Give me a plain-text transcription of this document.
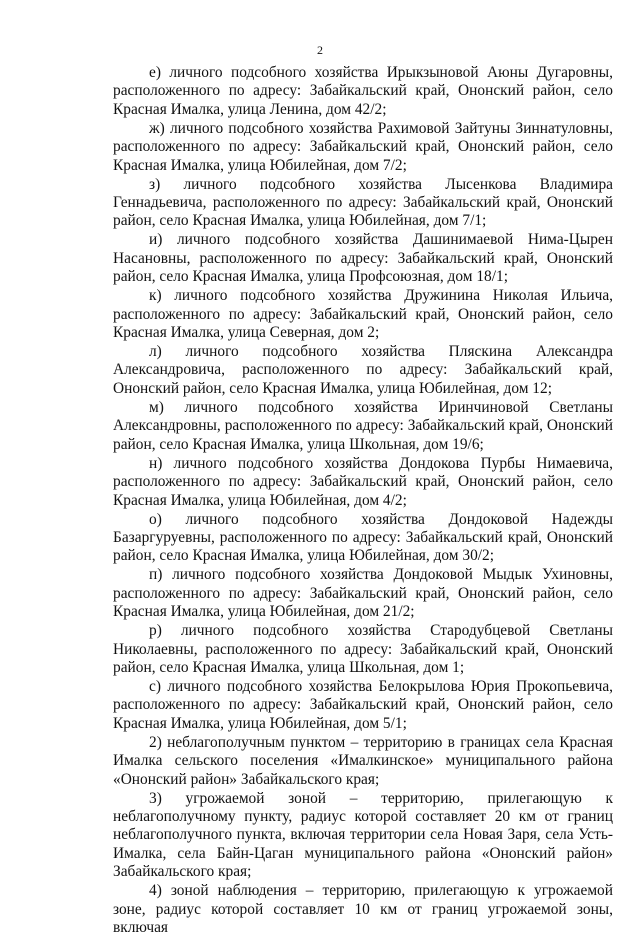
2

е) личного подсобного хозяйства Ирыкзыновой Аюны Дугаровны, расположенного по адресу: Забайкальский край, Ононский район, село Красная Ималка, улица Ленина, дом 42/2;

ж) личного подсобного хозяйства Рахимовой Зайтуны Зиннатуловны, расположенного по адресу: Забайкальский край, Ононский район, село Красная Ималка, улица Юбилейная, дом 7/2;

з) личного подсобного хозяйства Лысенкова Владимира Геннадьевича, расположенного по адресу: Забайкальский край, Ононский район, село Красная Ималка, улица Юбилейная, дом 7/1;

и) личного подсобного хозяйства Дашинимаевой Нима-Цырен Насановны, расположенного по адресу: Забайкальский край, Ононский район, село Красная Ималка, улица Профсоюзная, дом 18/1;

к) личного подсобного хозяйства Дружинина Николая Ильича, расположенного по адресу: Забайкальский край, Ононский район, село Красная Ималка, улица Северная, дом 2;

л) личного подсобного хозяйства Пляскина Александра Александровича, расположенного по адресу: Забайкальский край, Ононский район, село Красная Ималка, улица Юбилейная, дом 12;

м) личного подсобного хозяйства Иринчиновой Светланы Александровны, расположенного по адресу: Забайкальский край, Ононский район, село Красная Ималка, улица Школьная, дом 19/6;

н) личного подсобного хозяйства Дондокова Пурбы Нимаевича, расположенного по адресу: Забайкальский край, Ононский район, село Красная Ималка, улица Юбилейная, дом 4/2;

о) личного подсобного хозяйства Дондоковой Надежды Базаргуруевны, расположенного по адресу: Забайкальский край, Ононский район, село Красная Ималка, улица Юбилейная, дом 30/2;

п) личного подсобного хозяйства Дондоковой Мыдык Ухиновны, расположенного по адресу: Забайкальский край, Ононский район, село Красная Ималка, улица Юбилейная, дом 21/2;

р) личного подсобного хозяйства Стародубцевой Светланы Николаевны, расположенного по адресу: Забайкальский край, Ононский район, село Красная Ималка, улица Школьная, дом 1;

с) личного подсобного хозяйства Белокрылова Юрия Прокопьевича, расположенного по адресу: Забайкальский край, Ононский район, село Красная Ималка, улица Юбилейная, дом 5/1;

2) неблагополучным пунктом – территорию в границах села Красная Ималка сельского поселения «Ималкинское» муниципального района «Ононский район» Забайкальского края;

3) угрожаемой зоной – территорию, прилегающую к неблагополучному пункту, радиус которой составляет 20 км от границ неблагополучного пункта, включая территории села Новая Заря, села Усть-Ималка, села Байн-Цаган муниципального района «Ононский район» Забайкальского края;

4) зоной наблюдения – территорию, прилегающую к угрожаемой зоне, радиус которой составляет 10 км от границ угрожаемой зоны, включая
